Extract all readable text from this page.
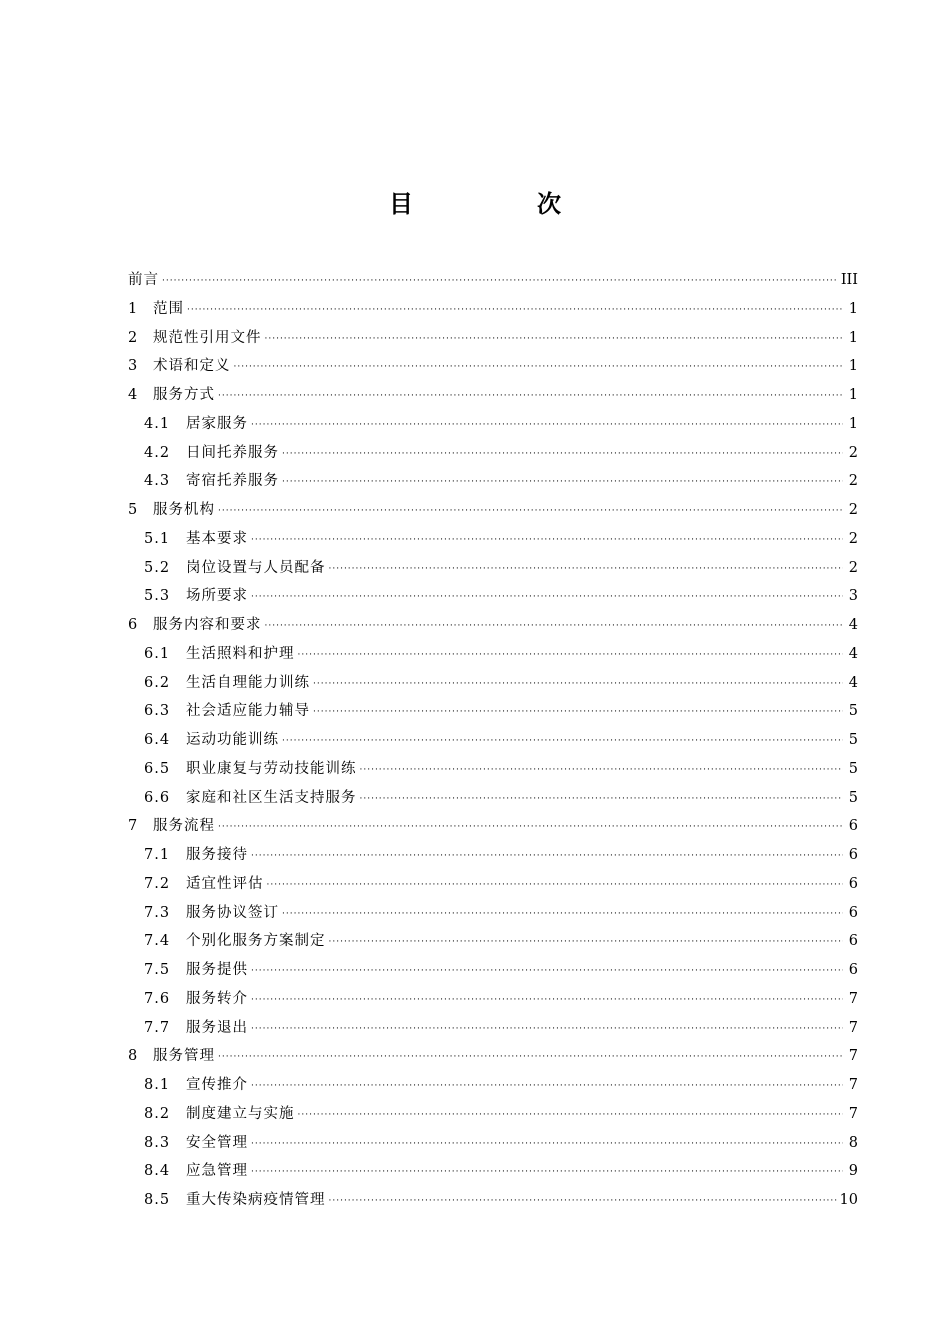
目　次
前言 ·····	III
1	范围 ·····	1
2	规范性引用文件 ·····	1
3	术语和定义 ·····	1
4	服务方式 ·····	1
4.1	居家服务 ·····	1
4.2	日间托养服务 ·····	2
4.3	寄宿托养服务 ·····	2
5	服务机构 ·····	2
5.1	基本要求 ·····	2
5.2	岗位设置与人员配备 ·····	2
5.3	场所要求 ·····	3
6	服务内容和要求 ·····	4
6.1	生活照料和护理 ·····	4
6.2	生活自理能力训练 ·····	4
6.3	社会适应能力辅导 ·····	5
6.4	运动功能训练 ·····	5
6.5	职业康复与劳动技能训练 ·····	5
6.6	家庭和社区生活支持服务 ·····	5
7	服务流程 ·····	6
7.1	服务接待 ·····	6
7.2	适宜性评估 ·····	6
7.3	服务协议签订 ·····	6
7.4	个别化服务方案制定 ·····	6
7.5	服务提供 ·····	6
7.6	服务转介 ·····	7
7.7	服务退出 ·····	7
8	服务管理 ·····	7
8.1	宣传推介 ·····	7
8.2	制度建立与实施 ·····	7
8.3	安全管理 ·····	8
8.4	应急管理 ·····	9
8.5	重大传染病疫情管理 ·····	10
